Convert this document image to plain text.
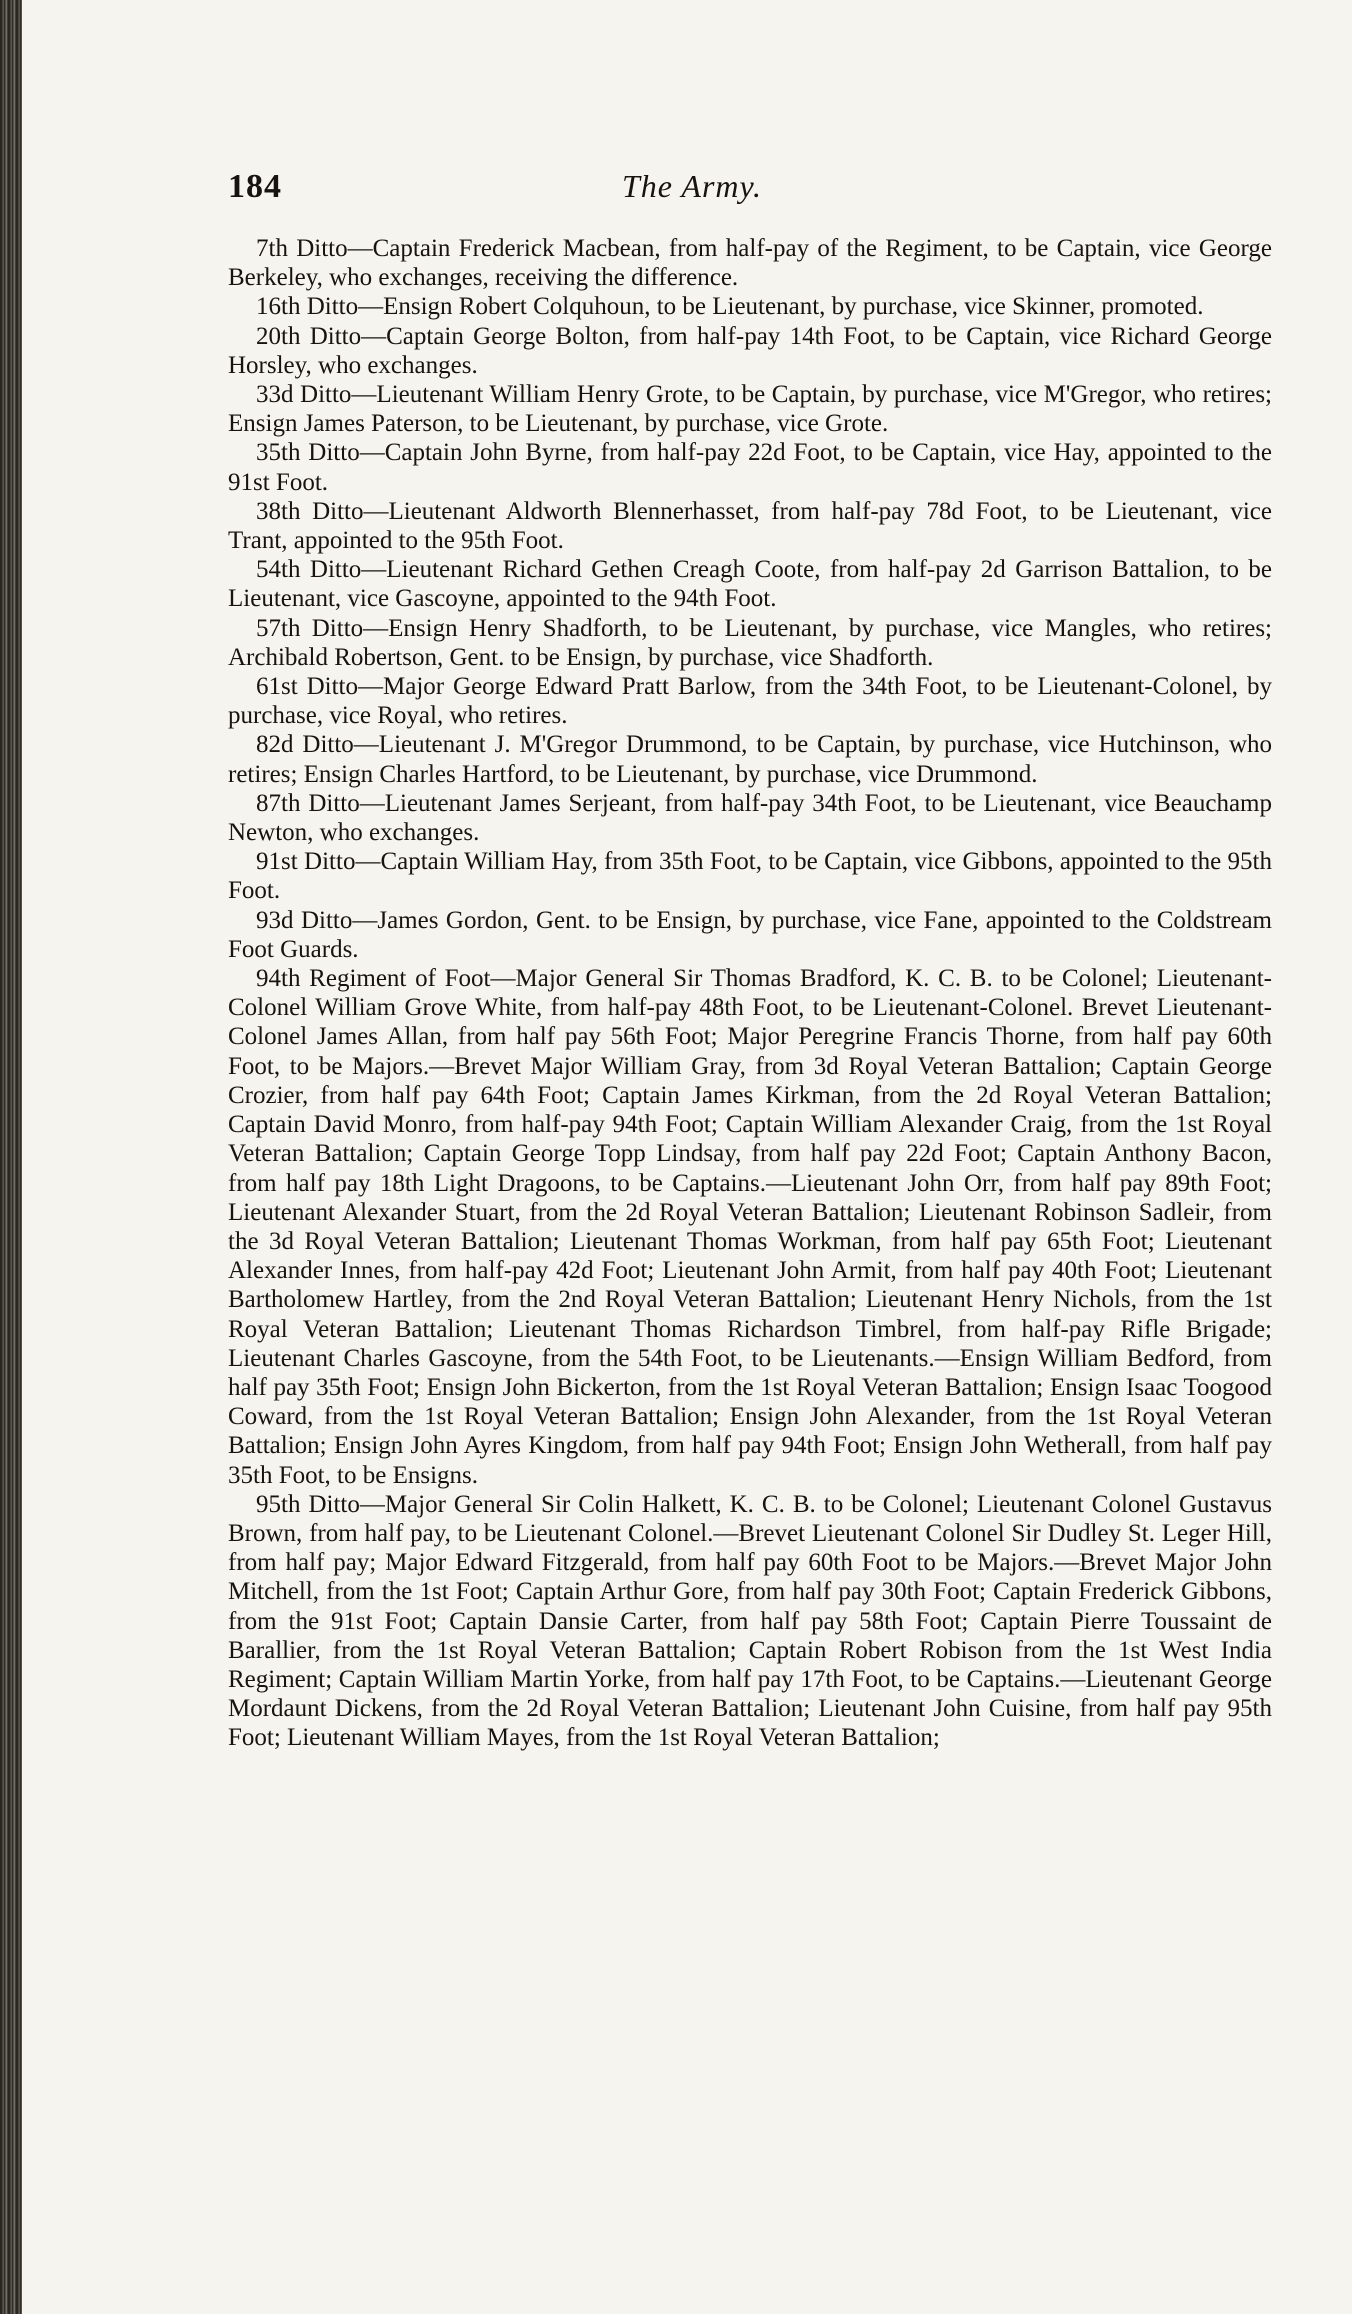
184	The Army.

7th Ditto—Captain Frederick Macbean, from half-pay of the Regiment, to be Captain, vice George Berkeley, who exchanges, receiving the difference.

16th Ditto—Ensign Robert Colquhoun, to be Lieutenant, by purchase, vice Skinner, promoted.

20th Ditto—Captain George Bolton, from half-pay 14th Foot, to be Captain, vice Richard George Horsley, who exchanges.

33d Ditto—Lieutenant William Henry Grote, to be Captain, by purchase, vice M'Gregor, who retires; Ensign James Paterson, to be Lieutenant, by purchase, vice Grote.

35th Ditto—Captain John Byrne, from half-pay 22d Foot, to be Captain, vice Hay, appointed to the 91st Foot.

38th Ditto—Lieutenant Aldworth Blennerhasset, from half-pay 78d Foot, to be Lieutenant, vice Trant, appointed to the 95th Foot.

54th Ditto—Lieutenant Richard Gethen Creagh Coote, from half-pay 2d Garrison Battalion, to be Lieutenant, vice Gascoyne, appointed to the 94th Foot.

57th Ditto—Ensign Henry Shadforth, to be Lieutenant, by purchase, vice Mangles, who retires; Archibald Robertson, Gent. to be Ensign, by purchase, vice Shadforth.

61st Ditto—Major George Edward Pratt Barlow, from the 34th Foot, to be Lieutenant-Colonel, by purchase, vice Royal, who retires.

82d Ditto—Lieutenant J. M'Gregor Drummond, to be Captain, by purchase, vice Hutchinson, who retires; Ensign Charles Hartford, to be Lieutenant, by purchase, vice Drummond.

87th Ditto—Lieutenant James Serjeant, from half-pay 34th Foot, to be Lieutenant, vice Beauchamp Newton, who exchanges.

91st Ditto—Captain William Hay, from 35th Foot, to be Captain, vice Gibbons, appointed to the 95th Foot.

93d Ditto—James Gordon, Gent. to be Ensign, by purchase, vice Fane, appointed to the Coldstream Foot Guards.

94th Regiment of Foot—Major General Sir Thomas Bradford, K. C. B. to be Colonel; Lieutenant-Colonel William Grove White, from half-pay 48th Foot, to be Lieutenant-Colonel. Brevet Lieutenant-Colonel James Allan, from half pay 56th Foot; Major Peregrine Francis Thorne, from half pay 60th Foot, to be Majors.—Brevet Major William Gray, from 3d Royal Veteran Battalion; Captain George Crozier, from half pay 64th Foot; Captain James Kirkman, from the 2d Royal Veteran Battalion; Captain David Monro, from half-pay 94th Foot; Captain William Alexander Craig, from the 1st Royal Veteran Battalion; Captain George Topp Lindsay, from half pay 22d Foot; Captain Anthony Bacon, from half pay 18th Light Dragoons, to be Captains.—Lieutenant John Orr, from half pay 89th Foot; Lieutenant Alexander Stuart, from the 2d Royal Veteran Battalion; Lieutenant Robinson Sadleir, from the 3d Royal Veteran Battalion; Lieutenant Thomas Workman, from half pay 65th Foot; Lieutenant Alexander Innes, from half-pay 42d Foot; Lieutenant John Armit, from half pay 40th Foot; Lieutenant Bartholomew Hartley, from the 2nd Royal Veteran Battalion; Lieutenant Henry Nichols, from the 1st Royal Veteran Battalion; Lieutenant Thomas Richardson Timbrel, from half-pay Rifle Brigade; Lieutenant Charles Gascoyne, from the 54th Foot, to be Lieutenants.—Ensign William Bedford, from half pay 35th Foot; Ensign John Bickerton, from the 1st Royal Veteran Battalion; Ensign Isaac Toogood Coward, from the 1st Royal Veteran Battalion; Ensign John Alexander, from the 1st Royal Veteran Battalion; Ensign John Ayres Kingdom, from half pay 94th Foot; Ensign John Wetherall, from half pay 35th Foot, to be Ensigns.

95th Ditto—Major General Sir Colin Halkett, K. C. B. to be Colonel; Lieutenant Colonel Gustavus Brown, from half pay, to be Lieutenant Colonel.—Brevet Lieutenant Colonel Sir Dudley St. Leger Hill, from half pay; Major Edward Fitzgerald, from half pay 60th Foot to be Majors.—Brevet Major John Mitchell, from the 1st Foot; Captain Arthur Gore, from half pay 30th Foot; Captain Frederick Gibbons, from the 91st Foot; Captain Dansie Carter, from half pay 58th Foot; Captain Pierre Toussaint de Barallier, from the 1st Royal Veteran Battalion; Captain Robert Robison from the 1st West India Regiment; Captain William Martin Yorke, from half pay 17th Foot, to be Captains.—Lieutenant George Mordaunt Dickens, from the 2d Royal Veteran Battalion; Lieutenant John Cuisine, from half pay 95th Foot; Lieutenant William Mayes, from the 1st Royal Veteran Battalion;
